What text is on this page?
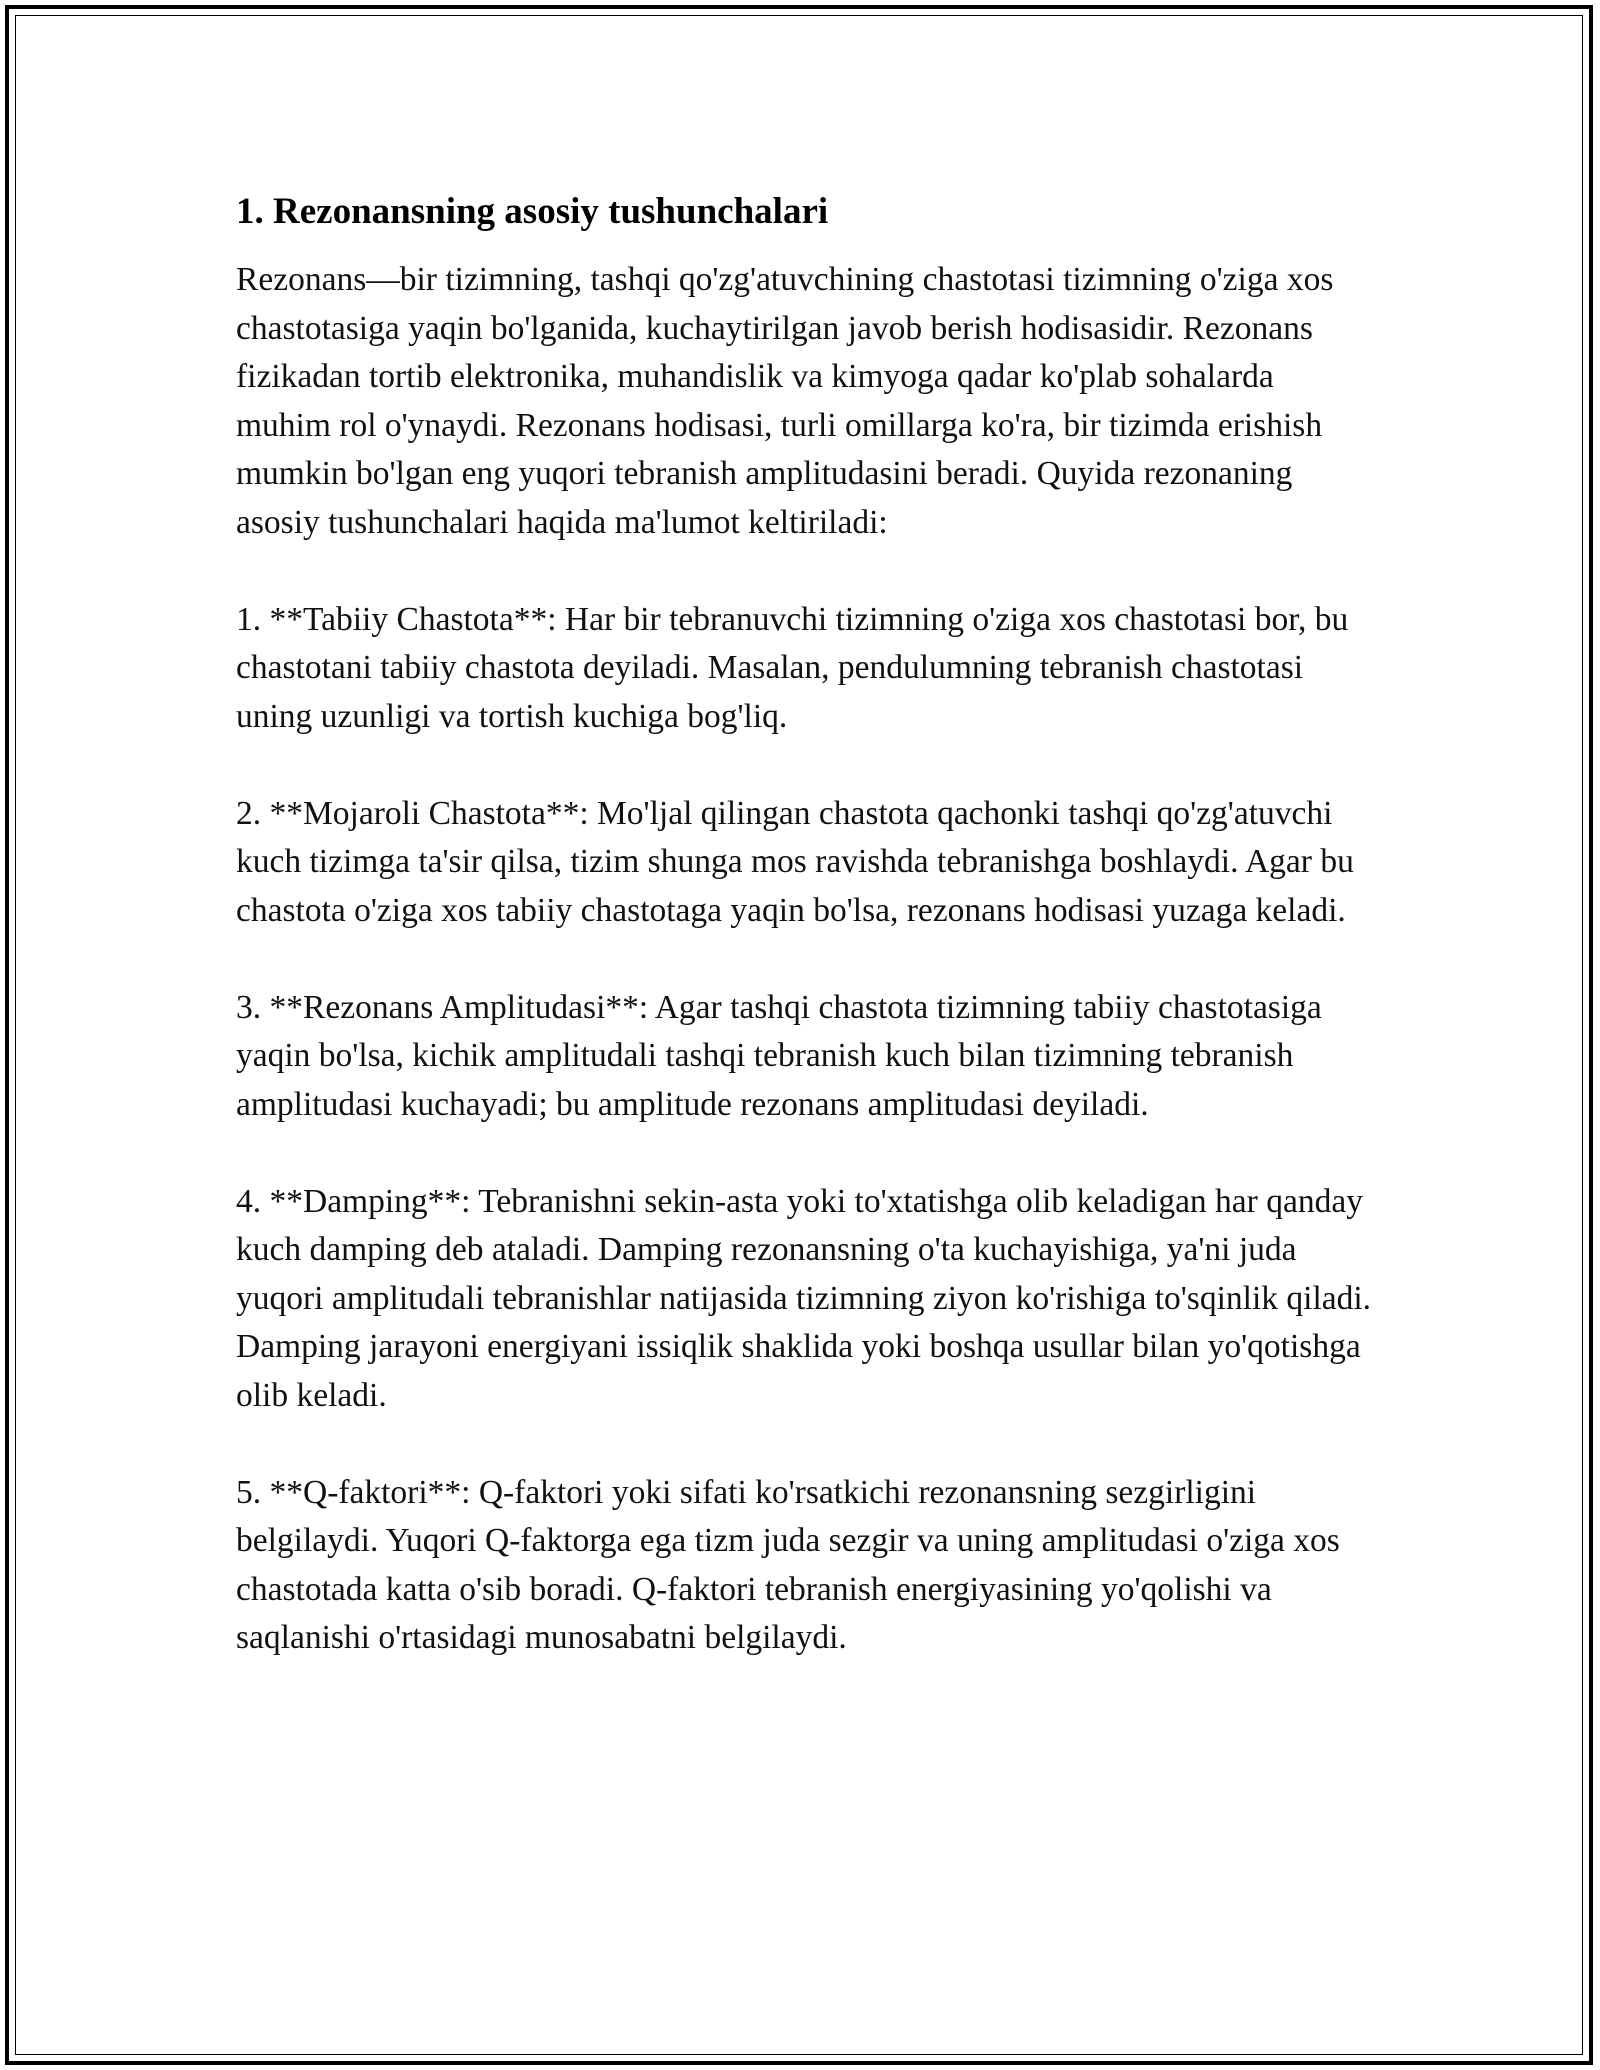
1. Rezonansning asosiy tushunchalari

Rezonans—bir tizimning, tashqi qo'zg'atuvchining chastotasi tizimning o'ziga xos chastotasiga yaqin bo'lganida, kuchaytirilgan javob berish hodisasidir. Rezonans fizikadan tortib elektronika, muhandislik va kimyoga qadar ko'plab sohalarda muhim rol o'ynaydi. Rezonans hodisasi, turli omillarga ko'ra, bir tizimda erishish mumkin bo'lgan eng yuqori tebranish amplitudasini beradi. Quyida rezonaning asosiy tushunchalari haqida ma'lumot keltiriladi:

1. **Tabiiy Chastota**: Har bir tebranuvchi tizimning o'ziga xos chastotasi bor, bu chastotani tabiiy chastota deyiladi. Masalan, pendulumning tebranish chastotasi uning uzunligi va tortish kuchiga bog'liq.

2. **Mojaroli Chastota**: Mo'ljal qilingan chastota qachonki tashqi qo'zg'atuvchi kuch tizimga ta'sir qilsa, tizim shunga mos ravishda tebranishga boshlaydi. Agar bu chastota o'ziga xos tabiiy chastotaga yaqin bo'lsa, rezonans hodisasi yuzaga keladi.

3. **Rezonans Amplitudasi**: Agar tashqi chastota tizimning tabiiy chastotasiga yaqin bo'lsa, kichik amplitudali tashqi tebranish kuch bilan tizimning tebranish amplitudasi kuchayadi; bu amplitude rezonans amplitudasi deyiladi.

4. **Damping**: Tebranishni sekin-asta yoki to'xtatishga olib keladigan har qanday kuch damping deb ataladi. Damping rezonansning o'ta kuchayishiga, ya'ni juda yuqori amplitudali tebranishlar natijasida tizimning ziyon ko'rishiga to'sqinlik qiladi. Damping jarayoni energiyani issiqlik shaklida yoki boshqa usullar bilan yo'qotishga olib keladi.

5. **Q-faktori**: Q-faktori yoki sifati ko'rsatkichi rezonansning sezgirligini belgilaydi. Yuqori Q-faktorga ega tizm juda sezgir va uning amplitudasi o'ziga xos chastotada katta o'sib boradi. Q-faktori tebranish energiyasining yo'qolishi va saqlanishi o'rtasidagi munosabatni belgilaydi.
